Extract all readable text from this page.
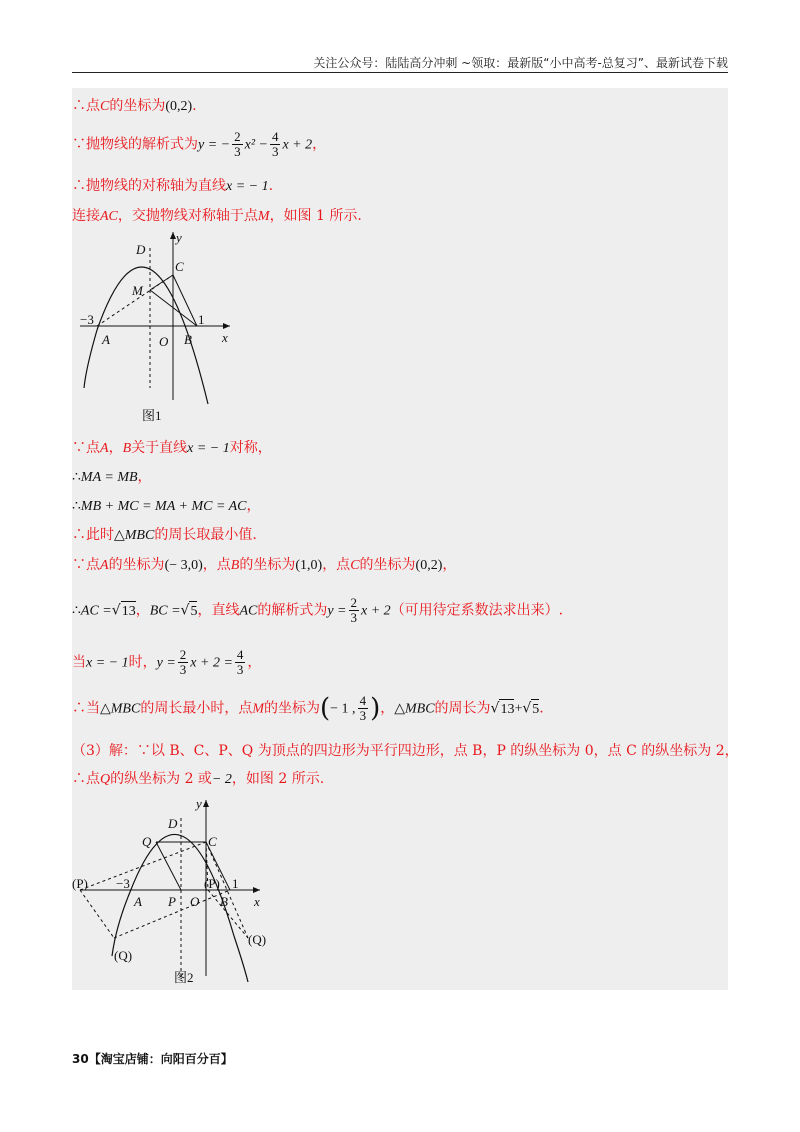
关注公众号：陆陆高分冲刺 ~领取：最新版“小中高考-总复习”、最新试卷下载
∴点C的坐标为(0,2).
∵抛物线的解析式为y = − $\frac{2}{3} x^2 - \frac{4}{3}$ x + 2，
∴抛物线的对称轴为直线x = − 1.
连接AC，交抛物线对称轴于点M，如图 1 所示.
y
x
D
C
M
−3	1
A	O B
图1
∵点A，B关于直线x = − 1对称，
∴MA = MB，
∴MB + MC = MA + MC = AC，
∴此时△MBC的周长取最小值.
∵点A的坐标为(− 3,0)，点B的坐标为(1,0)，点C的坐标为(0,2)，
∴AC =√13，BC =√5，直线AC的解析式为$y = \frac{2}{3}$ x + 2（可用待定系数法求出来）.
当x = − 1时，$y = \frac{2}{3}$ $x + 2 = \frac{4}{3}$ ，
∴当△MBC的周长最小时，点M的坐标为(− 1 , $\frac{4}{3}$ )，△MBC的周长为√13+√5.
（3）解：∵以 B、C、P、Q 为顶点的四边形为平行四边形，点 B，P 的纵坐标为 0，点 C 的纵坐标为 2，
∴点Q的纵坐标为 2 或− 2，如图 2 所示.
y
x
D
C
Q
(P) −3	(P) 1
A P O B
(Q)
(Q)
图2
30【淘宝店铺：向阳百分百】
